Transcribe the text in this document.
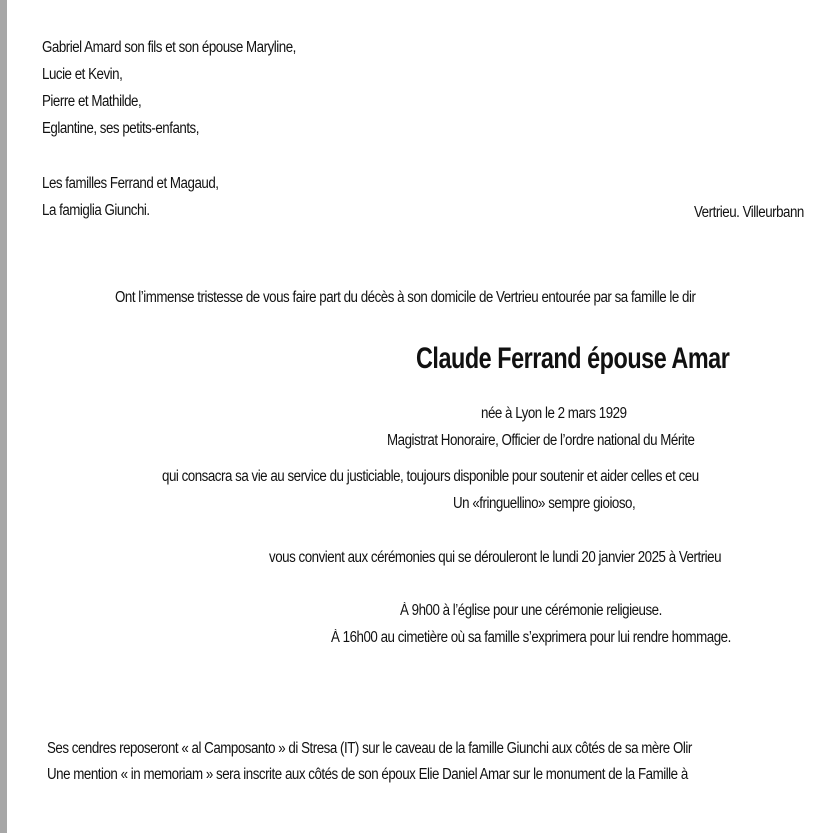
Gabriel Amard son fils et son épouse Maryline,
Lucie et Kevin,
Pierre et Mathilde,
Eglantine, ses petits-enfants,
Les familles Ferrand et Magaud,
La famiglia Giunchi.	Vertrieu. Villeurbann
Ont l’immense tristesse de vous faire part du décès à son domicile de Vertrieu entourée par sa famille le dir
Claude Ferrand épouse Amar
née à Lyon le 2 mars 1929
Magistrat Honoraire, Officier de l’ordre national du Mérite
qui consacra sa vie au service du justiciable, toujours disponible pour soutenir et aider celles et ceu
Un «fringuellino» sempre gioioso,
vous convient aux cérémonies qui se dérouleront le lundi 20 janvier 2025 à Vertrieu
À 9h00 à l’église pour une cérémonie religieuse.
À 16h00 au cimetière où sa famille s’exprimera pour lui rendre hommage.
Ses cendres reposeront « al Camposanto » di Stresa (IT) sur le caveau de la famille Giunchi aux côtés de sa mère Olir
Une mention « in memoriam » sera inscrite aux côtés de son époux Elie Daniel Amar sur le monument de la Famille à
